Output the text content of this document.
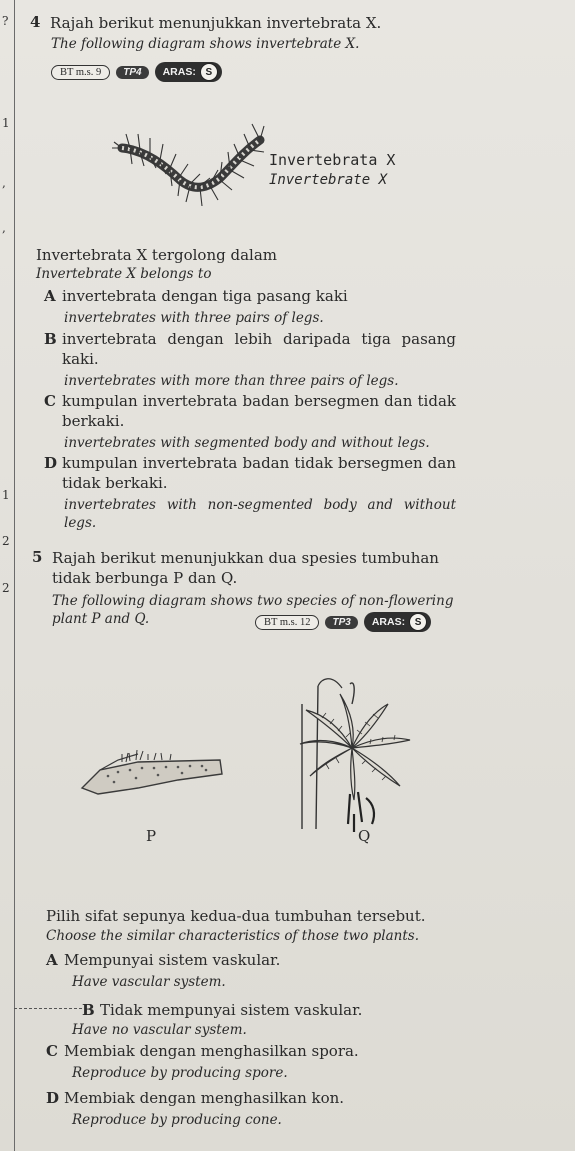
?
1
,
,
1
2
2
4 Rajah berikut menunjukkan invertebrata X.
The following diagram shows invertebrate X.
BT m.s. 9	TP4	ARAS: S
Invertebrata X
Invertebrate X
Invertebrata X tergolong dalam
Invertebrate X belongs to
A invertebrata dengan tiga pasang kaki
invertebrates with three pairs of legs.
B invertebrata dengan lebih daripada tiga pasang kaki.
invertebrates with more than three pairs of legs.
C kumpulan invertebrata badan bersegmen dan tidak berkaki.
invertebrates with segmented body and without legs.
D kumpulan invertebrata badan tidak bersegmen dan tidak berkaki.
invertebrates with non-segmented body and without legs.
5 Rajah berikut menunjukkan dua spesies tumbuhan tidak berbunga P dan Q.
The following diagram shows two species of non-flowering plant P and Q.	BT m.s. 12	TP3	ARAS: S
P	Q
Pilih sifat sepunya kedua-dua tumbuhan tersebut.
Choose the similar characteristics of those two plants.
A Mempunyai sistem vaskular.
Have vascular system.
B Tidak mempunyai sistem vaskular.
Have no vascular system.
C Membiak dengan menghasilkan spora.
Reproduce by producing spore.
D Membiak dengan menghasilkan kon.
Reproduce by producing cone.
